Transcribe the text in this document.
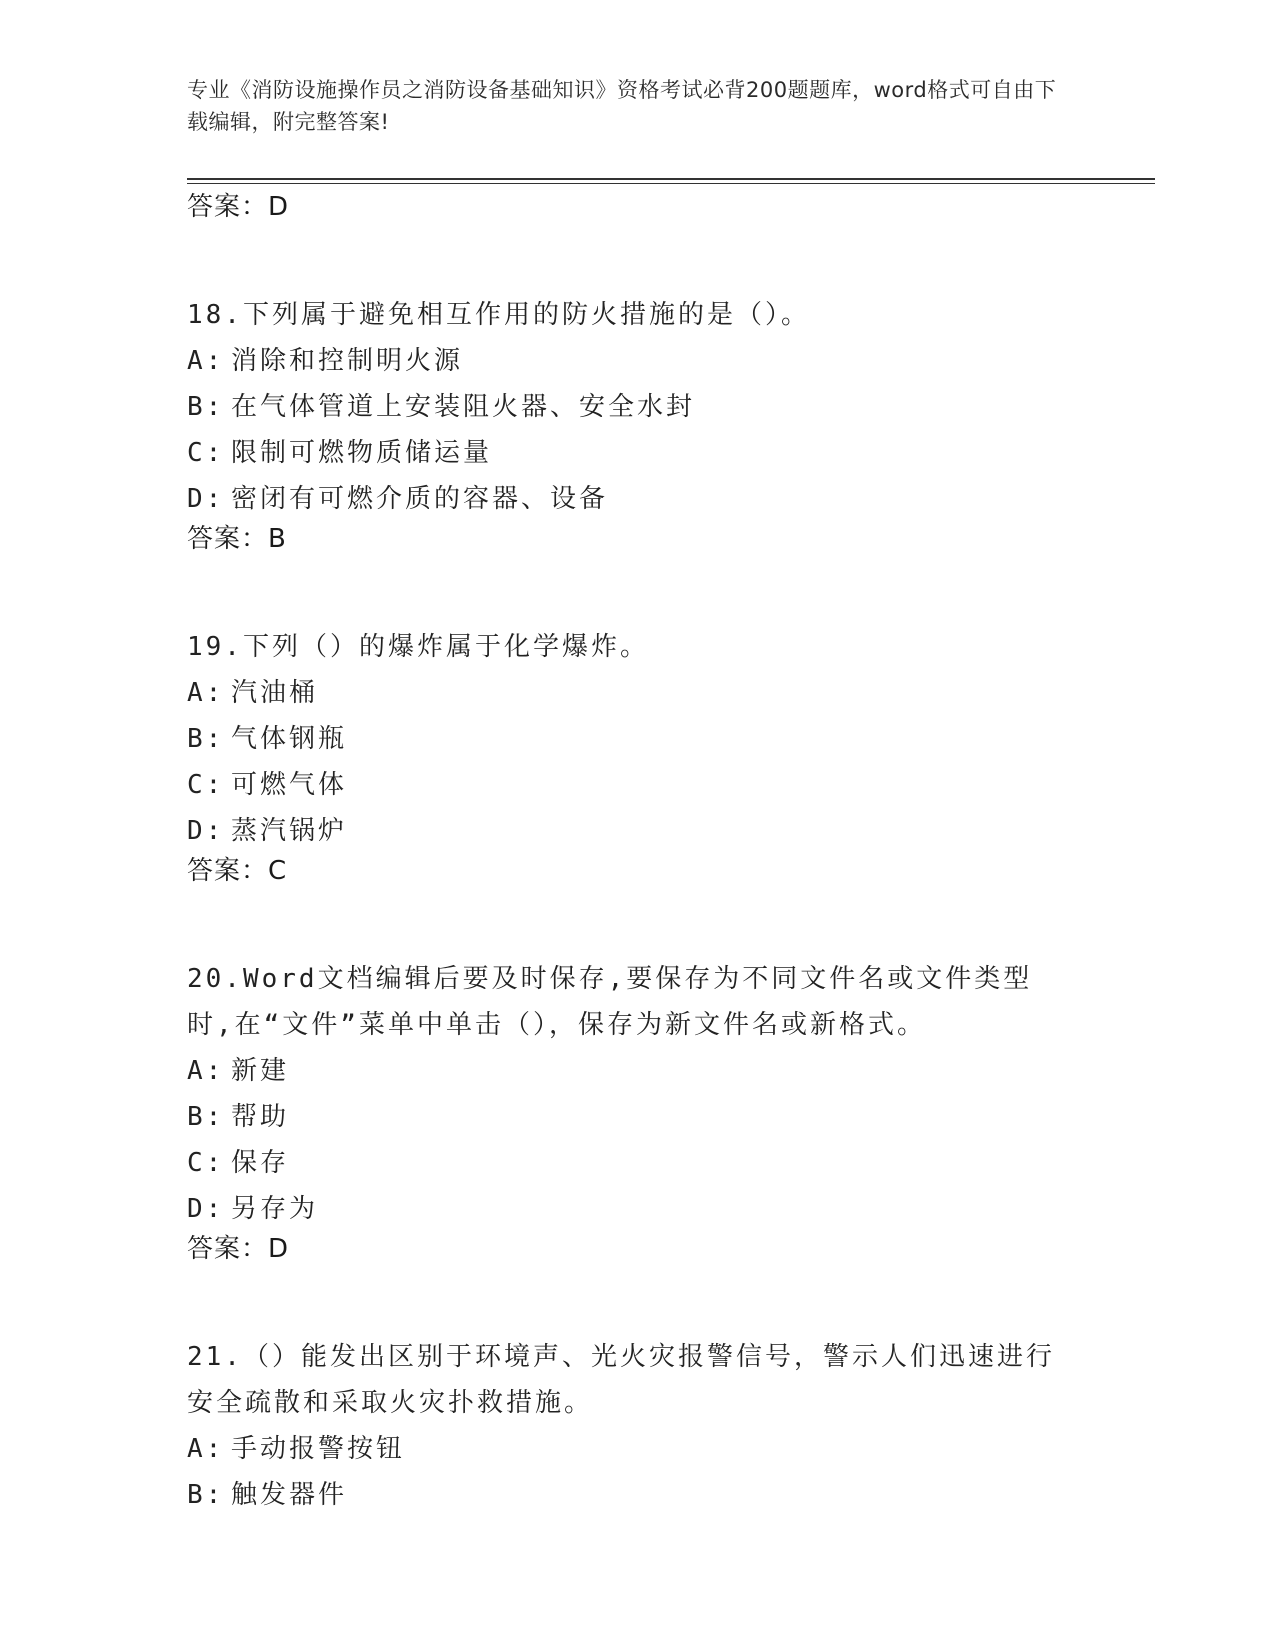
专业《消防设施操作员之消防设备基础知识》资格考试必背200题题库，word格式可自由下载编辑，附完整答案!
答案：D
18.下列属于避免相互作用的防火措施的是（）。
A: 消除和控制明火源
B: 在气体管道上安装阻火器、安全水封
C: 限制可燃物质储运量
D: 密闭有可燃介质的容器、设备
答案：B
19.下列（）的爆炸属于化学爆炸。
A: 汽油桶
B: 气体钢瓶
C: 可燃气体
D: 蒸汽锅炉
答案：C
20.Word文档编辑后要及时保存,要保存为不同文件名或文件类型时,在“文件”菜单中单击（），保存为新文件名或新格式。
A: 新建
B: 帮助
C: 保存
D: 另存为
答案：D
21.（）能发出区别于环境声、光火灾报警信号，警示人们迅速进行安全疏散和采取火灾扑救措施。
A: 手动报警按钮
B: 触发器件
